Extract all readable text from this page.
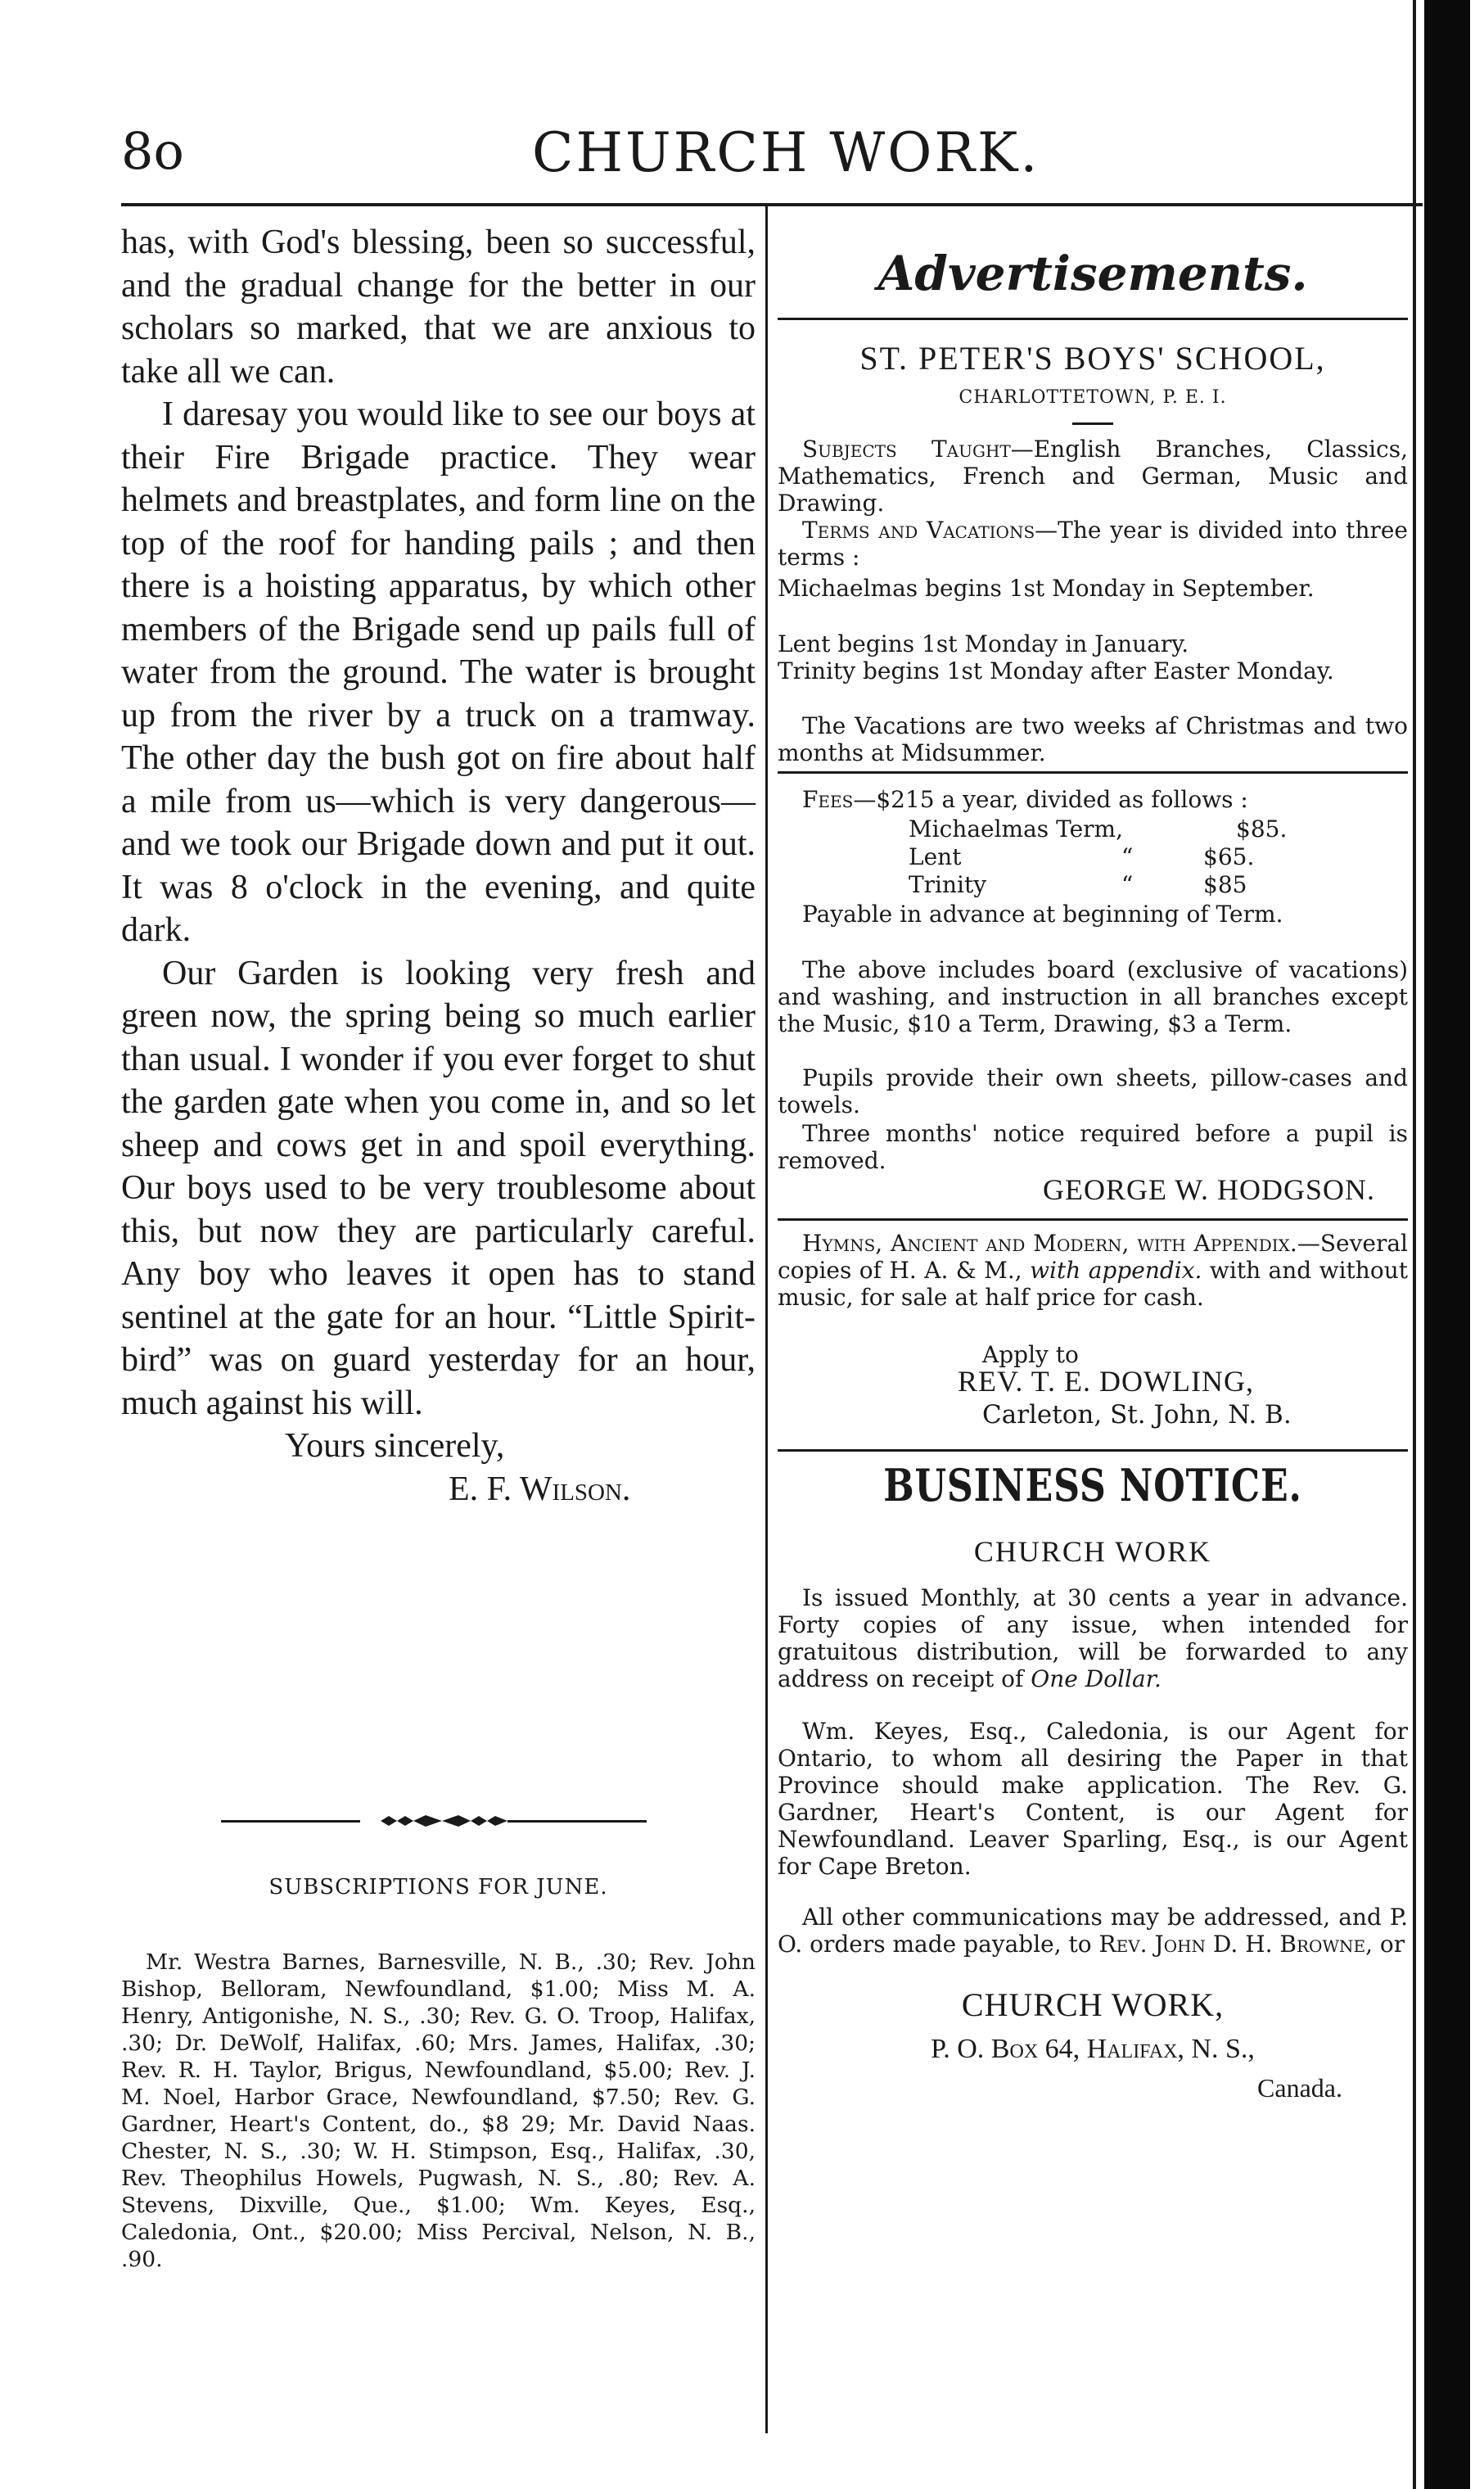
8o	CHURCH WORK.

has, with God's blessing, been so successful, and the gradual change for the better in our scholars so marked, that we are anxious to take all we can.

I daresay you would like to see our boys at their Fire Brigade practice. They wear helmets and breastplates, and form line on the top of the roof for handing pails ; and then there is a hoisting apparatus, by which other members of the Brigade send up pails full of water from the ground. The water is brought up from the river by a truck on a tramway. The other day the bush got on fire about half a mile from us—which is very dangerous—and we took our Brigade down and put it out. It was 8 o'clock in the evening, and quite dark.

Our Garden is looking very fresh and green now, the spring being so much earlier than usual. I wonder if you ever forget to shut the garden gate when you come in, and so let sheep and cows get in and spoil everything. Our boys used to be very troublesome about this, but now they are particularly careful. Any boy who leaves it open has to stand sentinel at the gate for an hour. “Little Spirit-bird” was on guard yesterday for an hour, much against his will.

Yours sincerely,
E. F. Wilson.
SUBSCRIPTIONS FOR JUNE.

Mr. Westra Barnes, Barnesville, N. B., .30; Rev. John Bishop, Belloram, Newfoundland, $1.00; Miss M. A. Henry, Antigonishe, N. S., .30; Rev. G. O. Troop, Halifax, .30; Dr. DeWolf, Halifax, .60; Mrs. James, Halifax, .30; Rev. R. H. Taylor, Brigus, Newfoundland, $5.00; Rev. J. M. Noel, Harbor Grace, Newfoundland, $7.50; Rev. G. Gardner, Heart's Content, do., $8 29; Mr. David Naas. Chester, N. S., .30; W. H. Stimpson, Esq., Halifax, .30, Rev. Theophilus Howels, Pugwash, N. S., .80; Rev. A. Stevens, Dixville, Que., $1.00; Wm. Keyes, Esq., Caledonia, Ont., $20.00; Miss Percival, Nelson, N. B., .90.

Advertisements.
ST. PETER'S BOYS' SCHOOL,
CHARLOTTETOWN, P. E. I.
Subjects Taught—English Branches, Classics, Mathematics, French and German, Music and Drawing.
Terms and Vacations—The year is divided into three terms :
Michaelmas begins 1st Monday in September.
Lent begins 1st Monday in January.
Trinity begins 1st Monday after Easter Monday.
The Vacations are two weeks af Christmas and two months at Midsummer.
Fees—$215 a year, divided as follows :
Michaelmas Term,	$85.
Lent	“	$65.
Trinity	“	$85
Payable in advance at beginning of Term.
The above includes board (exclusive of vacations) and washing, and instruction in all branches except the Music, $10 a Term, Drawing, $3 a Term.
Pupils provide their own sheets, pillow-cases and towels.
Three months' notice required before a pupil is removed.
GEORGE W. HODGSON.
Hymns, Ancient and Modern, with Appendix.—Several copies of H. A. & M., with appendix. with and without music, for sale at half price for cash.
Apply to
REV. T. E. DOWLING,
Carleton, St. John, N. B.
BUSINESS NOTICE.
CHURCH WORK
Is issued Monthly, at 30 cents a year in advance. Forty copies of any issue, when intended for gratuitous distribution, will be forwarded to any address on receipt of One Dollar.
Wm. Keyes, Esq., Caledonia, is our Agent for Ontario, to whom all desiring the Paper in that Province should make application. The Rev. G. Gardner, Heart's Content, is our Agent for Newfoundland. Leaver Sparling, Esq., is our Agent for Cape Breton.
All other communications may be addressed, and P. O. orders made payable, to Rev. John D. H. Browne, or
CHURCH WORK,
P. O. Box 64, Halifax, N. S.,
Canada.
